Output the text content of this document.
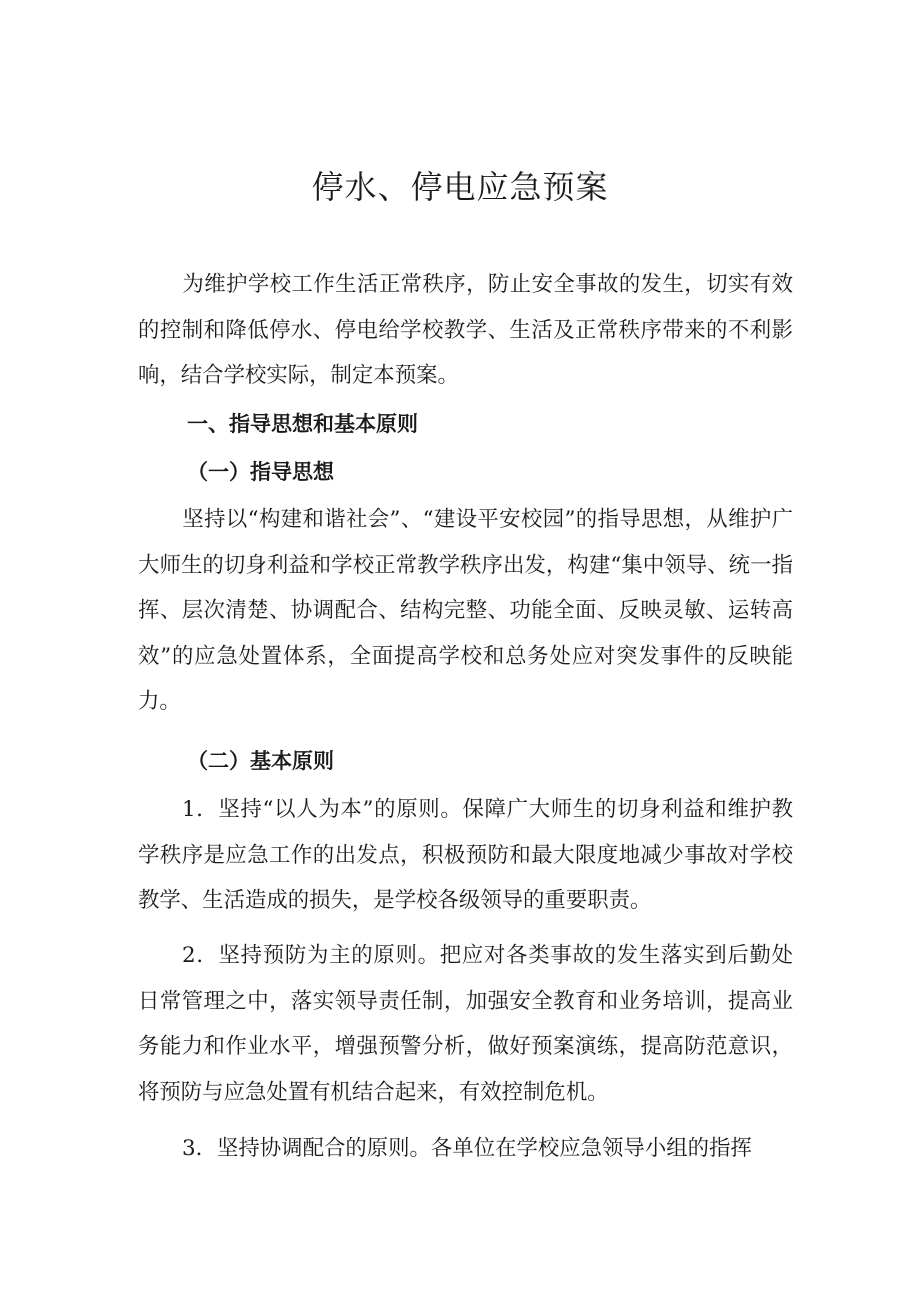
停水、停电应急预案

为维护学校工作生活正常秩序，防止安全事故的发生，切实有效的控制和降低停水、停电给学校教学、生活及正常秩序带来的不利影响，结合学校实际，制定本预案。

一、指导思想和基本原则
（一）指导思想

坚持以“构建和谐社会”、“建设平安校园”的指导思想，从维护广大师生的切身利益和学校正常教学秩序出发，构建“集中领导、统一指挥、层次清楚、协调配合、结构完整、功能全面、反映灵敏、运转高效”的应急处置体系，全面提高学校和总务处应对突发事件的反映能力。

（二）基本原则

1．坚持“以人为本”的原则。保障广大师生的切身利益和维护教学秩序是应急工作的出发点，积极预防和最大限度地减少事故对学校教学、生活造成的损失，是学校各级领导的重要职责。

2．坚持预防为主的原则。把应对各类事故的发生落实到后勤处日常管理之中，落实领导责任制，加强安全教育和业务培训，提高业务能力和作业水平，增强预警分析，做好预案演练，提高防范意识，将预防与应急处置有机结合起来，有效控制危机。

3．坚持协调配合的原则。各单位在学校应急领导小组的指挥
